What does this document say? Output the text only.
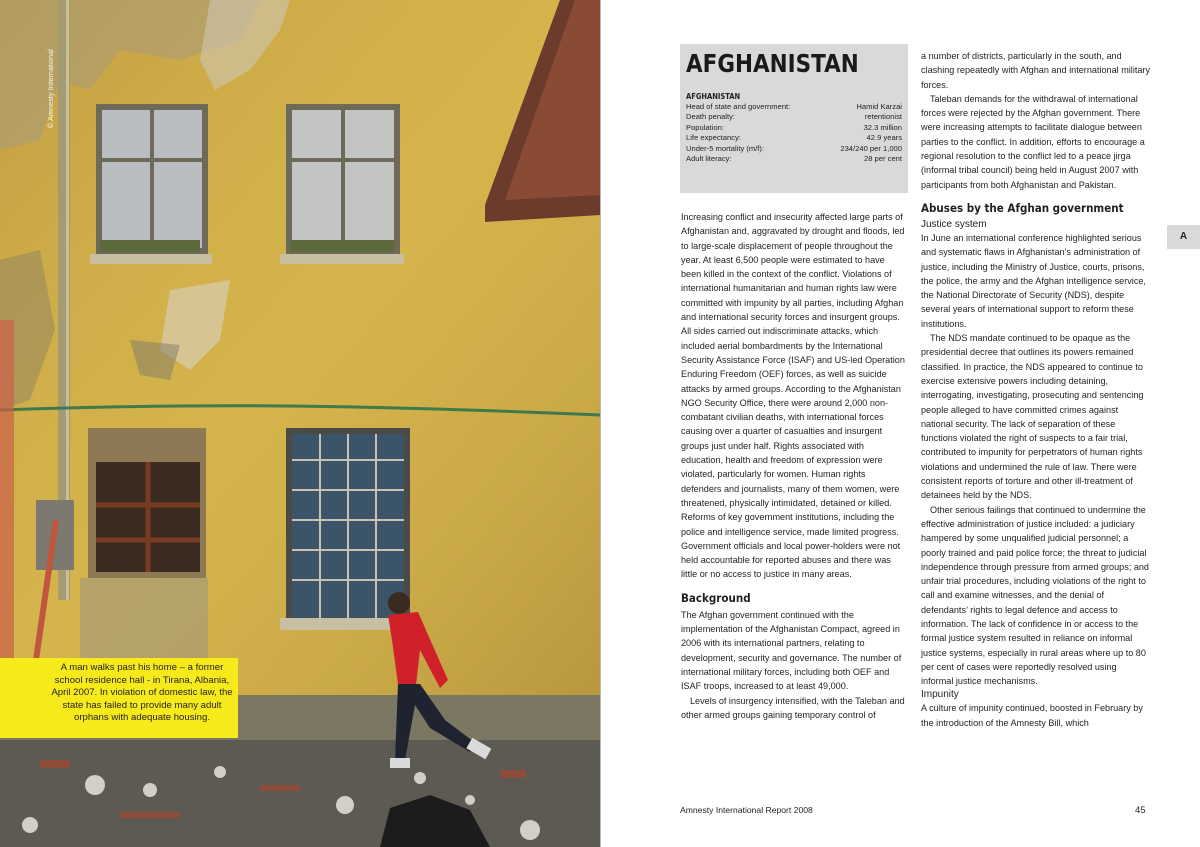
© Amnesty International
A man walks past his home – a former school residence hall - in Tirana, Albania, April 2007. In violation of domestic law, the state has failed to provide many adult orphans with adequate housing.
AFGHANISTAN
AFGHANISTAN
Head of state and government:	Hamid Karzai
Death penalty:	retentionist
Population:	32.3 million
Life expectancy:	42.9 years
Under-5 mortality (m/f):	234/240 per 1,000
Adult literacy:	28 per cent

Increasing conflict and insecurity affected large parts of Afghanistan and, aggravated by drought and floods, led to large-scale displacement of people throughout the year. At least 6,500 people were estimated to have been killed in the context of the conflict. Violations of international humanitarian and human rights law were committed with impunity by all parties, including Afghan and international security forces and insurgent groups. All sides carried out indiscriminate attacks, which included aerial bombardments by the International Security Assistance Force (ISAF) and US-led Operation Enduring Freedom (OEF) forces, as well as suicide attacks by armed groups. According to the Afghanistan NGO Security Office, there were around 2,000 non-combatant civilian deaths, with international forces causing over a quarter of casualties and insurgent groups just under half. Rights associated with education, health and freedom of expression were violated, particularly for women. Human rights defenders and journalists, many of them women, were threatened, physically intimidated, detained or killed. Reforms of key government institutions, including the police and intelligence service, made limited progress. Government officials and local power-holders were not held accountable for reported abuses and there was little or no access to justice in many areas.

Background

The Afghan government continued with the implementation of the Afghanistan Compact, agreed in 2006 with its international partners, relating to development, security and governance. The number of international military forces, including both OEF and ISAF troops, increased to at least 49,000.

Levels of insurgency intensified, with the Taleban and other armed groups gaining temporary control of

a number of districts, particularly in the south, and clashing repeatedly with Afghan and international military forces.

Taleban demands for the withdrawal of international forces were rejected by the Afghan government. There were increasing attempts to facilitate dialogue between parties to the conflict. In addition, efforts to encourage a regional resolution to the conflict led to a peace jirga (informal tribal council) being held in August 2007 with participants from both Afghanistan and Pakistan.

Abuses by the Afghan government
Justice system

In June an international conference highlighted serious and systematic flaws in Afghanistan’s administration of justice, including the Ministry of Justice, courts, prisons, the police, the army and the Afghan intelligence service, the National Directorate of Security (NDS), despite several years of international support to reform these institutions.

The NDS mandate continued to be opaque as the presidential decree that outlines its powers remained classified. In practice, the NDS appeared to continue to exercise extensive powers including detaining, interrogating, investigating, prosecuting and sentencing people alleged to have committed crimes against national security. The lack of separation of these functions violated the right of suspects to a fair trial, contributed to impunity for perpetrators of human rights violations and undermined the rule of law. There were consistent reports of torture and other ill-treatment of detainees held by the NDS.

Other serious failings that continued to undermine the effective administration of justice included: a judiciary hampered by some unqualified judicial personnel; a poorly trained and paid police force; the threat to judicial independence through pressure from armed groups; and unfair trial procedures, including violations of the right to call and examine witnesses, and the denial of defendants’ rights to legal defence and access to information. The lack of confidence in or access to the formal justice system resulted in reliance on informal justice systems, especially in rural areas where up to 80 per cent of cases were reportedly resolved using informal justice mechanisms.

Impunity

A culture of impunity continued, boosted in February by the introduction of the Amnesty Bill, which

A
Amnesty International Report 2008	45
